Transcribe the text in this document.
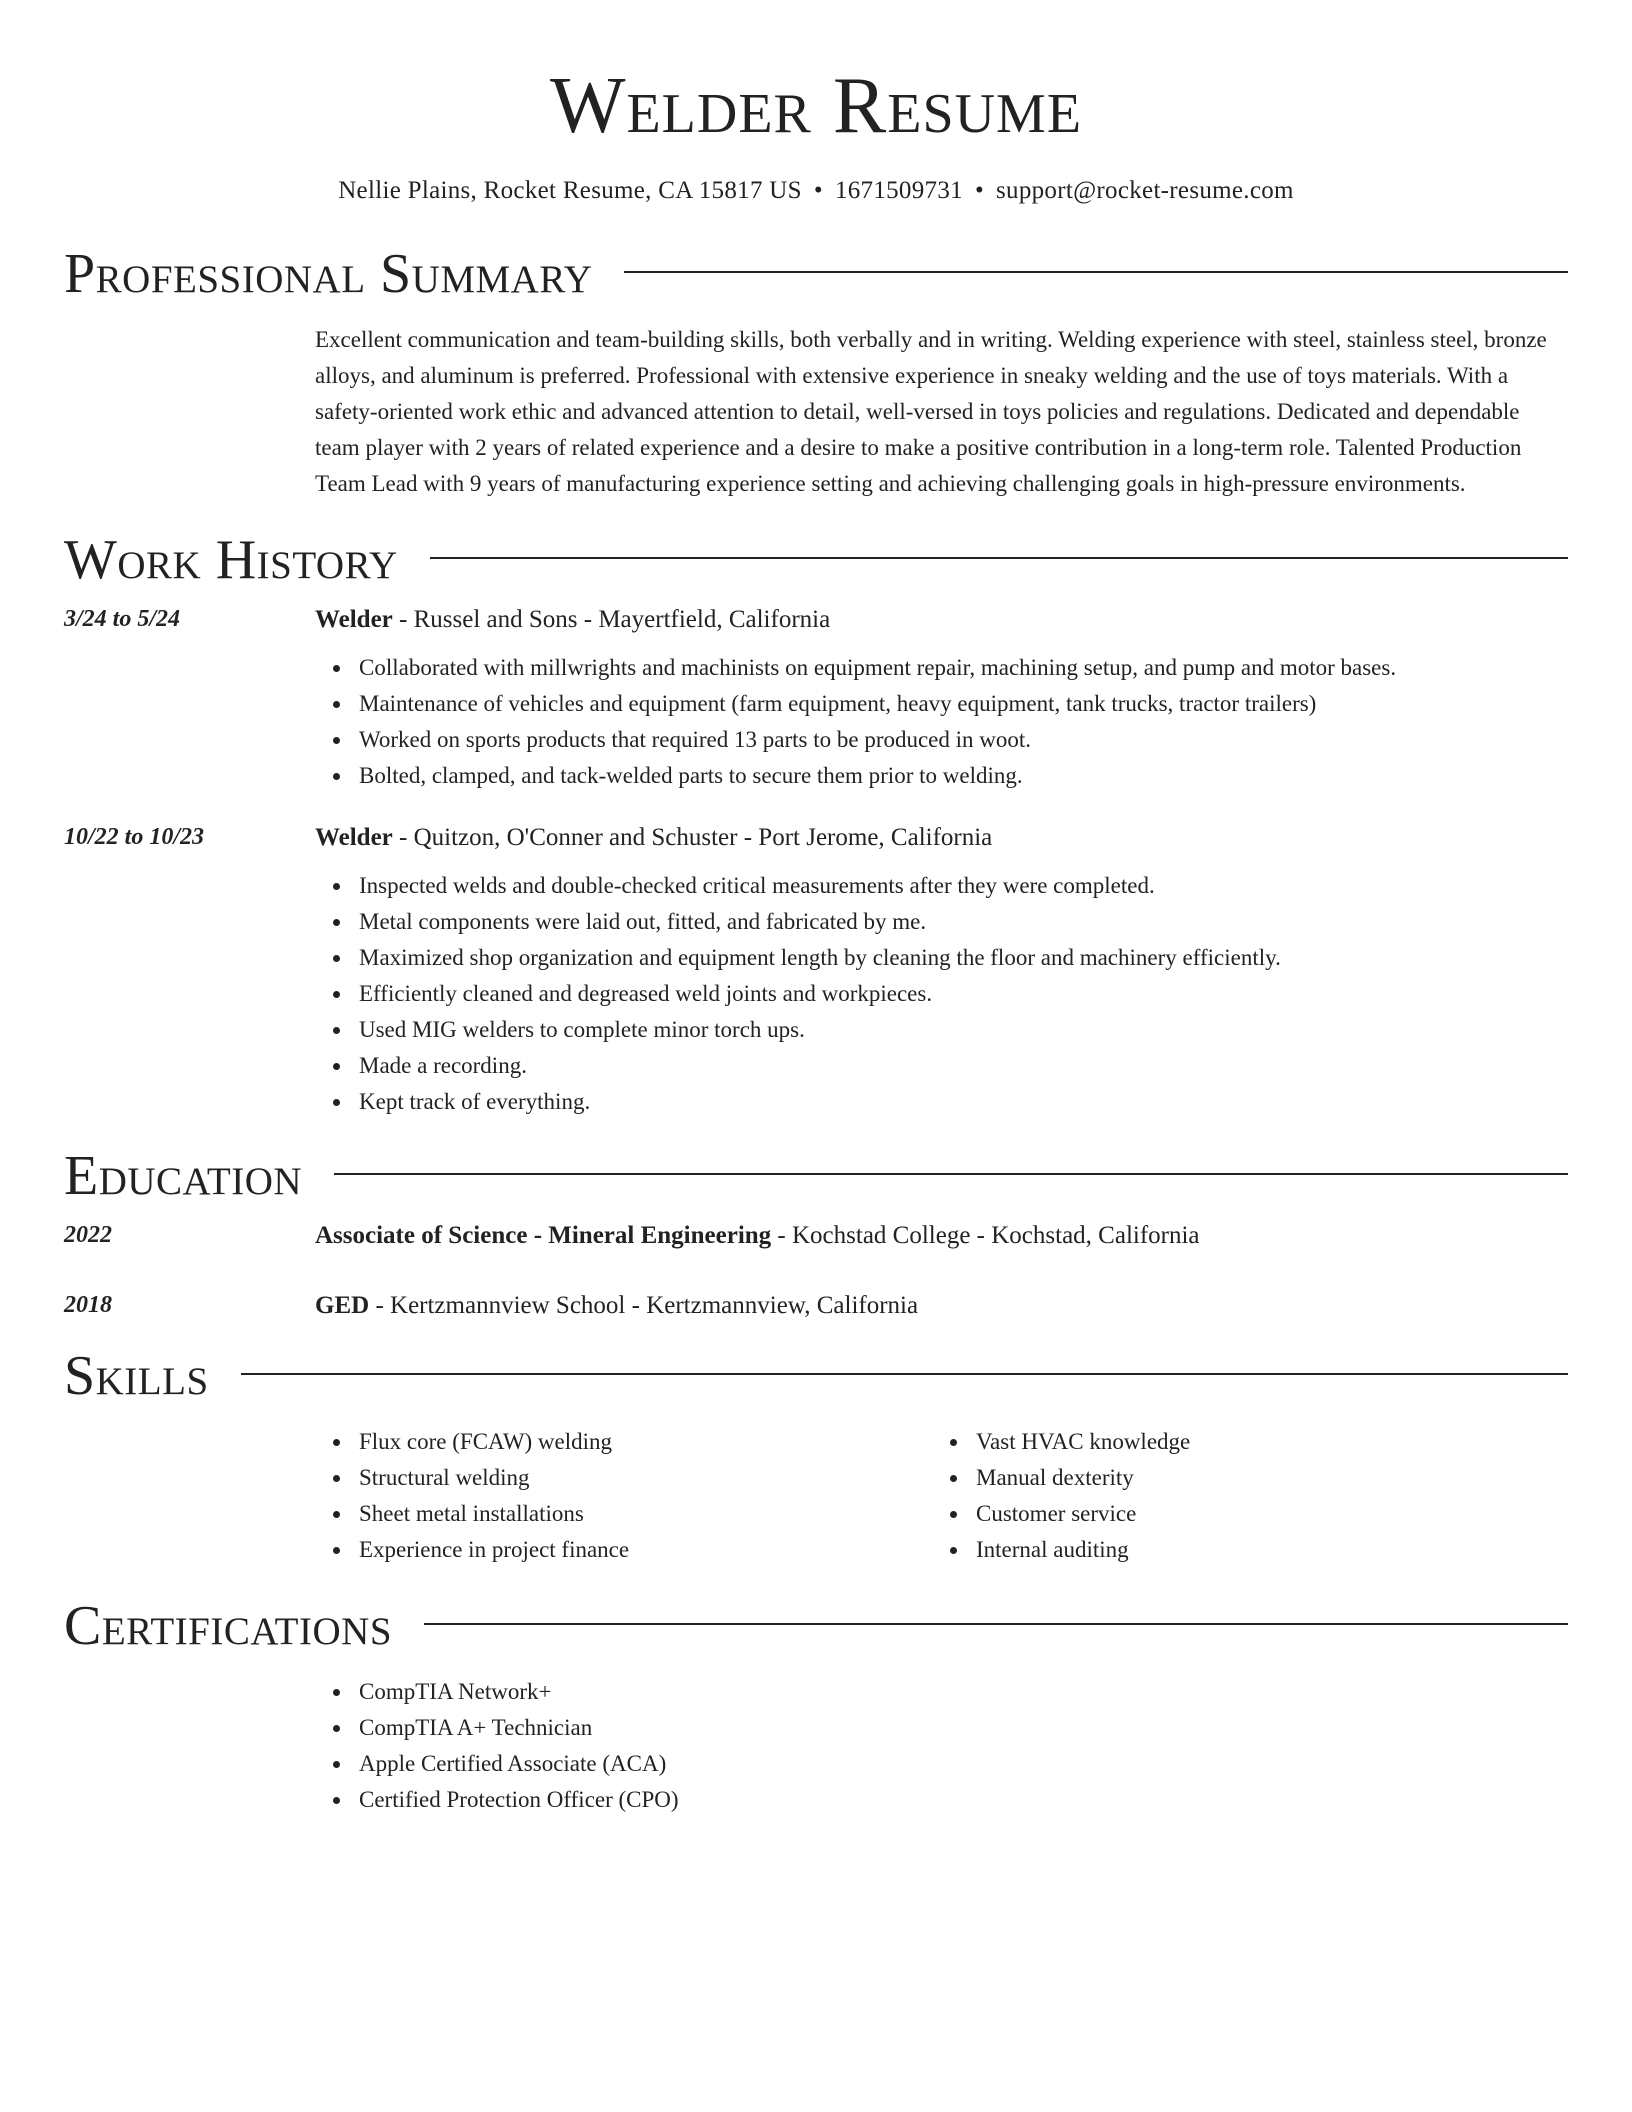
Welder Resume
Nellie Plains, Rocket Resume, CA 15817 US • 1671509731 • support@rocket-resume.com
Professional Summary

Excellent communication and team-building skills, both verbally and in writing. Welding experience with steel, stainless steel, bronze alloys, and aluminum is preferred. Professional with extensive experience in sneaky welding and the use of toys materials. With a safety-oriented work ethic and advanced attention to detail, well-versed in toys policies and regulations. Dedicated and dependable team player with 2 years of related experience and a desire to make a positive contribution in a long-term role. Talented Production Team Lead with 9 years of manufacturing experience setting and achieving challenging goals in high-pressure environments.

Work History
3/24 to 5/24	Welder - Russel and Sons - Mayertfield, California
Collaborated with millwrights and machinists on equipment repair, machining setup, and pump and motor bases.
Maintenance of vehicles and equipment (farm equipment, heavy equipment, tank trucks, tractor trailers)
Worked on sports products that required 13 parts to be produced in woot.
Bolted, clamped, and tack-welded parts to secure them prior to welding.
10/22 to 10/23	Welder - Quitzon, O'Conner and Schuster - Port Jerome, California
Inspected welds and double-checked critical measurements after they were completed.
Metal components were laid out, fitted, and fabricated by me.
Maximized shop organization and equipment length by cleaning the floor and machinery efficiently.
Efficiently cleaned and degreased weld joints and workpieces.
Used MIG welders to complete minor torch ups.
Made a recording.
Kept track of everything.
Education
2022	Associate of Science - Mineral Engineering - Kochstad College - Kochstad, California
2018	GED - Kertzmannview School - Kertzmannview, California
Skills
Flux core (FCAW) welding
Structural welding
Sheet metal installations
Experience in project finance
Vast HVAC knowledge
Manual dexterity
Customer service
Internal auditing
Certifications
CompTIA Network+
CompTIA A+ Technician
Apple Certified Associate (ACA)
Certified Protection Officer (CPO)
